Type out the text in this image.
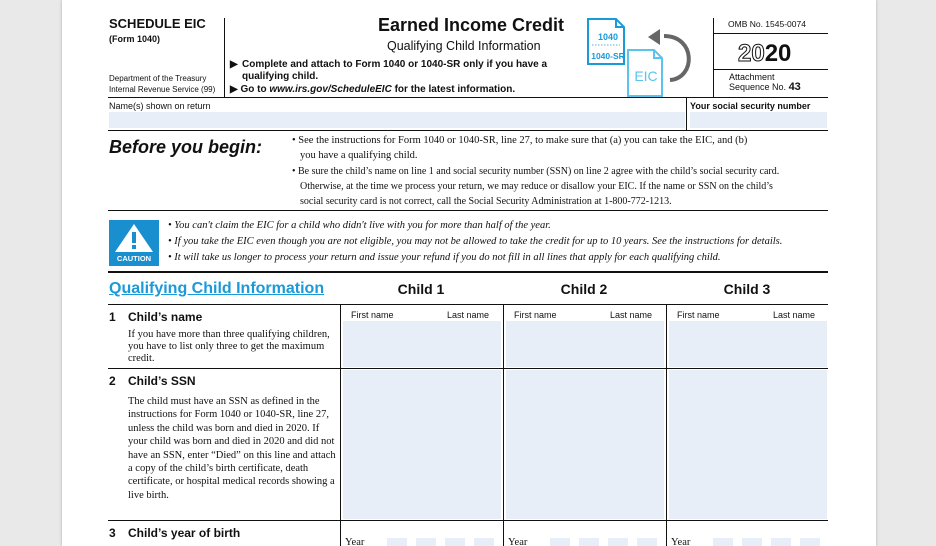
SCHEDULE EIC
(Form 1040)
Department of the Treasury
Internal Revenue Service (99)
Earned Income Credit
Qualifying Child Information
▶ Complete and attach to Form 1040 or 1040-SR only if you have a qualifying child.
▶ Go to www.irs.gov/ScheduleEIC for the latest information.
1040
1040-SR
EIC
OMB No. 1545-0074
2020
Attachment
Sequence No. 43
Name(s) shown on return	Your social security number
Before you begin:	• See the instructions for Form 1040 or 1040-SR, line 27, to make sure that (a) you can take the EIC, and (b)
you have a qualifying child.
• Be sure the child’s name on line 1 and social security number (SSN) on line 2 agree with the child’s social security card.
Otherwise, at the time we process your return, we may reduce or disallow your EIC. If the name or SSN on the child’s
social security card is not correct, call the Social Security Administration at 1-800-772-1213.
CAUTION
• You can't claim the EIC for a child who didn't live with you for more than half of the year.
• If you take the EIC even though you are not eligible, you may not be allowed to take the credit for up to 10 years. See the instructions for details.
• It will take us longer to process your return and issue your refund if you do not fill in all lines that apply for each qualifying child.
Qualifying Child Information	Child 1	Child 2	Child 3
1 Child’s name
If you have more than three qualifying children, you have to list only three to get the maximum credit.
First name	Last name	First name	Last name	First name	Last name
2 Child’s SSN
The child must have an SSN as defined in the instructions for Form 1040 or 1040-SR, line 27, unless the child was born and died in 2020. If your child was born and died in 2020 and did not have an SSN, enter “Died” on this line and attach a copy of the child’s birth certificate, death certificate, or hospital medical records showing a live birth.
3 Child’s year of birth
Year	Year	Year
